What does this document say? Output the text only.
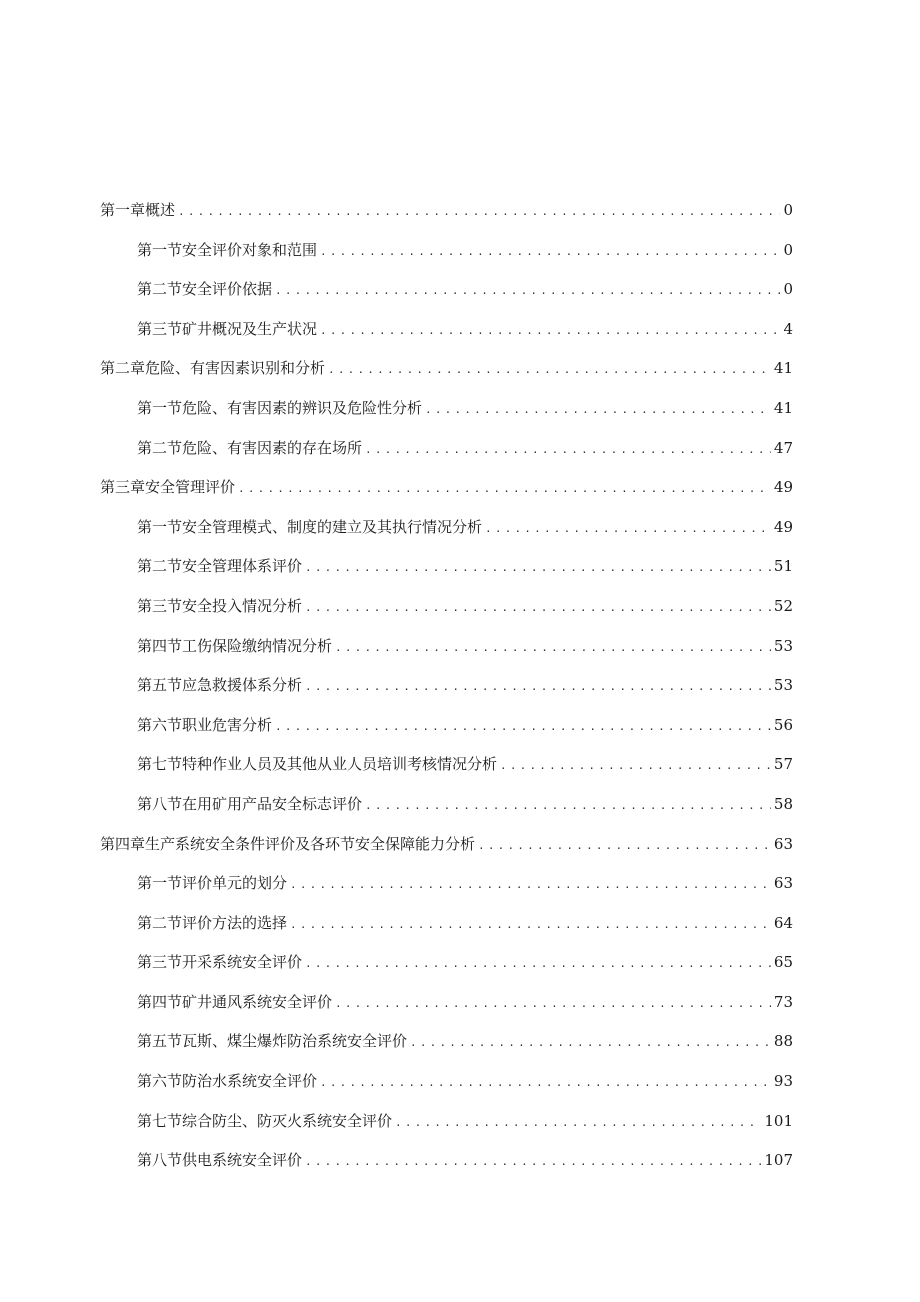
第一章概述 .....	0
第一节安全评价对象和范围 .....	0
第二节安全评价依据 .....	0
第三节矿井概况及生产状况 .....	4
第二章危险、有害因素识别和分析 .....	41
第一节危险、有害因素的辨识及危险性分析 .....	41
第二节危险、有害因素的存在场所 .....	47
第三章安全管理评价 .....	49
第一节安全管理模式、制度的建立及其执行情况分析 .....	49
第二节安全管理体系评价 .....	51
第三节安全投入情况分析 .....	52
第四节工伤保险缴纳情况分析 .....	53
第五节应急救援体系分析 .....	53
第六节职业危害分析 .....	56
第七节特种作业人员及其他从业人员培训考核情况分析 .....	57
第八节在用矿用产品安全标志评价 .....	58
第四章生产系统安全条件评价及各环节安全保障能力分析 .....	63
第一节评价单元的划分 .....	63
第二节评价方法的选择 .....	64
第三节开采系统安全评价 .....	65
第四节矿井通风系统安全评价 .....	73
第五节瓦斯、煤尘爆炸防治系统安全评价 .....	88
第六节防治水系统安全评价 .....	93
第七节综合防尘、防灭火系统安全评价 .....	101
第八节供电系统安全评价 .....	107
